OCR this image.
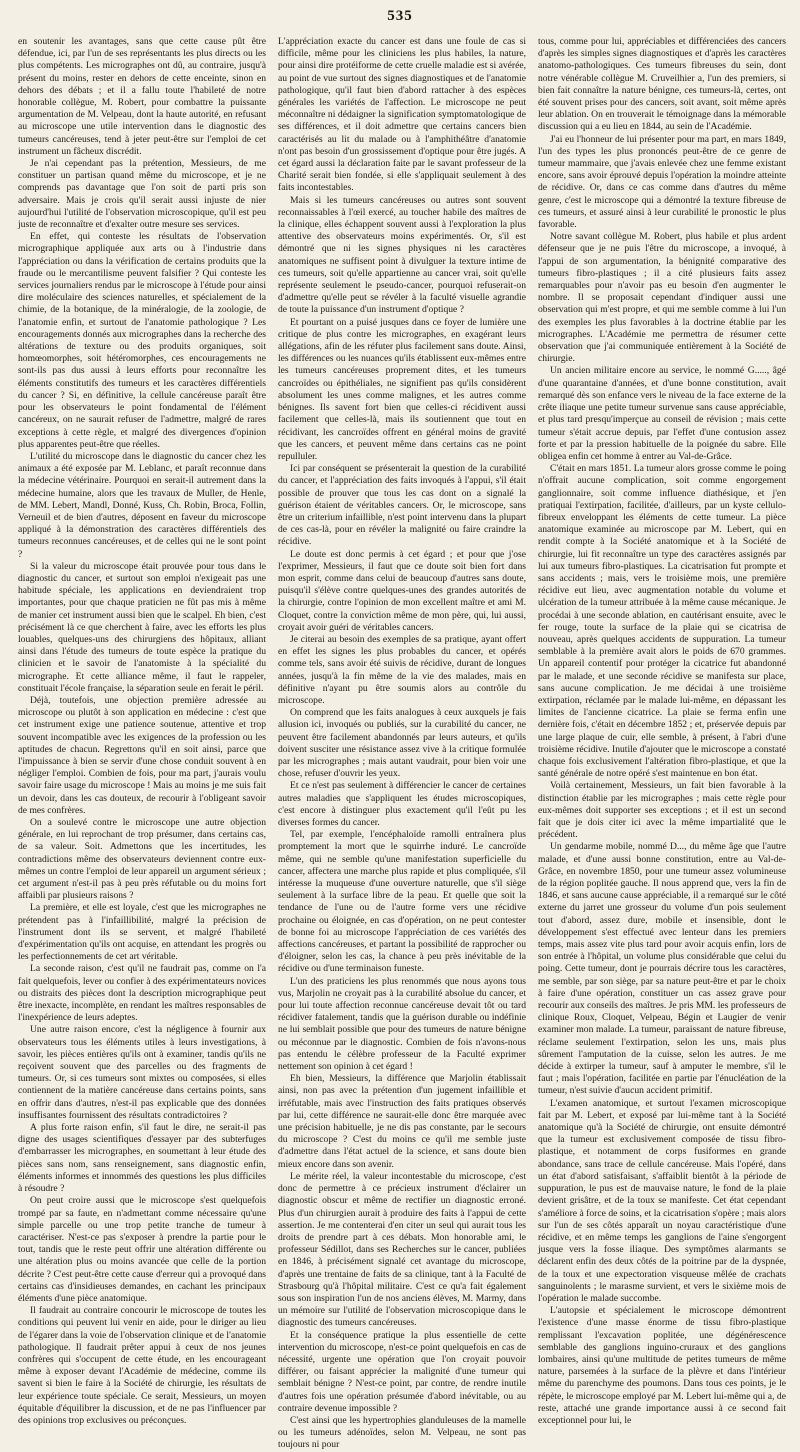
535

en soutenir les avantages, sans que cette cause pût être défendue, ici, par l'un de ses représentants les plus directs ou les plus compétents. Les micrographes ont dû, au contraire, jusqu'à présent du moins, rester en dehors de cette enceinte, sinon en dehors des débats ; et il a fallu toute l'habileté de notre honorable collègue, M. Robert, pour combattre la puissante argumentation de M. Velpeau, dont la haute autorité, en refusant au microscope une utile intervention dans le diagnostic des tumeurs cancéreuses, tend à jeter peut-être sur l'emploi de cet instrument un fâcheux discrédit.

Je n'ai cependant pas la prétention, Messieurs, de me constituer un partisan quand même du microscope, et je ne comprends pas davantage que l'on soit de parti pris son adversaire. Mais je crois qu'il serait aussi injuste de nier aujourd'hui l'utilité de l'observation microscopique, qu'il est peu juste de reconnaître et d'exalter outre mesure ses services.

En effet, qui conteste les résultats de l'observation micrographique appliquée aux arts ou à l'industrie dans l'appréciation ou dans la vérification de certains produits que la fraude ou le mercantilisme peuvent falsifier ? Qui conteste les services journaliers rendus par le microscope à l'étude pour ainsi dire moléculaire des sciences naturelles, et spécialement de la chimie, de la botanique, de la minéralogie, de la zoologie, de l'anatomie enfin, et surtout de l'anatomie pathologique ? Les encouragements donnés aux micrographes dans la recherche des altérations de texture ou des produits organiques, soit homœomorphes, soit hétéromorphes, ces encouragements ne sont-ils pas dus aussi à leurs efforts pour reconnaître les éléments constitutifs des tumeurs et les caractères différentiels du cancer ? Si, en définitive, la cellule cancéreuse paraît être pour les observateurs le point fondamental de l'élément cancéreux, on ne saurait refuser de l'admettre, malgré de rares exceptions à cette règle, et malgré des divergences d'opinion plus apparentes peut-être que réelles.

L'utilité du microscope dans le diagnostic du cancer chez les animaux a été exposée par M. Leblanc, et paraît reconnue dans la médecine vétérinaire. Pourquoi en serait-il autrement dans la médecine humaine, alors que les travaux de Muller, de Henle, de MM. Lebert, Mandl, Donné, Kuss, Ch. Robin, Broca, Follin, Verneuil et de bien d'autres, déposent en faveur du microscope appliqué à la démonstration des caractères différentiels des tumeurs reconnues cancéreuses, et de celles qui ne le sont point ?

Si la valeur du microscope était prouvée pour tous dans le diagnostic du cancer, et surtout son emploi n'exigeait pas une habitude spéciale, les applications en deviendraient trop importantes, pour que chaque praticien ne fût pas mis à même de manier cet instrument aussi bien que le scalpel. Eh bien, c'est précisément là ce que cherchent à faire, avec les efforts les plus louables, quelques-uns des chirurgiens des hôpitaux, alliant ainsi dans l'étude des tumeurs de toute espèce la pratique du clinicien et le savoir de l'anatomiste à la spécialité du micrographe. Et cette alliance même, il faut le rappeler, constituait l'école française, la séparation seule en ferait le péril.

Déjà, toutefois, une objection première adressée au microscope ou plutôt à son application en médecine : c'est que cet instrument exige une patience soutenue, attentive et trop souvent incompatible avec les exigences de la profession ou les aptitudes de chacun. Regrettons qu'il en soit ainsi, parce que l'impuissance à bien se servir d'une chose conduit souvent à en négliger l'emploi. Combien de fois, pour ma part, j'aurais voulu savoir faire usage du microscope ! Mais au moins je me suis fait un devoir, dans les cas douteux, de recourir à l'obligeant savoir de mes confrères.

On a soulevé contre le microscope une autre objection générale, en lui reprochant de trop présumer, dans certains cas, de sa valeur. Soit. Admettons que les incertitudes, les contradictions même des observateurs deviennent contre eux-mêmes un contre l'emploi de leur appareil un argument sérieux ; cet argument n'est-il pas à peu près réfutable ou du moins fort affaibli par plusieurs raisons ?

La première, et elle est loyale, c'est que les micrographes ne prétendent pas à l'infaillibilité, malgré la précision de l'instrument dont ils se servent, et malgré l'habileté d'expérimentation qu'ils ont acquise, en attendant les progrès ou les perfectionnements de cet art véritable.

La seconde raison, c'est qu'il ne faudrait pas, comme on l'a fait quelquefois, lever ou confier à des expérimentateurs novices ou distraits des pièces dont la description micrographique peut être inexacte, incomplète, en rendant les maîtres responsables de l'inexpérience de leurs adeptes.

Une autre raison encore, c'est la négligence à fournir aux observateurs tous les éléments utiles à leurs investigations, à savoir, les pièces entières qu'ils ont à examiner, tandis qu'ils ne reçoivent souvent que des parcelles ou des fragments de tumeurs. Or, si ces tumeurs sont mixtes ou composées, si elles contiennent de la matière cancéreuse dans certains points, sans en offrir dans d'autres, n'est-il pas explicable que des données insuffisantes fournissent des résultats contradictoires ?

A plus forte raison enfin, s'il faut le dire, ne serait-il pas digne des usages scientifiques d'essayer par des subterfuges d'embarrasser les micrographes, en soumettant à leur étude des pièces sans nom, sans renseignement, sans diagnostic enfin, éléments informes et innommés des questions les plus difficiles à résoudre ?

On peut croire aussi que le microscope s'est quelquefois trompé par sa faute, en n'admettant comme nécessaire qu'une simple parcelle ou une trop petite tranche de tumeur à caractériser. N'est-ce pas s'exposer à prendre la partie pour le tout, tandis que le reste peut offrir une altération différente ou une altération plus ou moins avancée que celle de la portion décrite ? C'est peut-être cette cause d'erreur qui a provoqué dans certains cas d'insidieuses demandes, en cachant les principaux éléments d'une pièce anatomique.

Il faudrait au contraire concourir le microscope de toutes les conditions qui peuvent lui venir en aide, pour le diriger au lieu de l'égarer dans la voie de l'observation clinique et de l'anatomie pathologique. Il faudrait prêter appui à ceux de nos jeunes confrères qui s'occupent de cette étude, en les encourageant même à exposer devant l'Académie de médecine, comme ils savent si bien le faire à la Société de chirurgie, les résultats de leur expérience toute spéciale. Ce serait, Messieurs, un moyen équitable d'équilibrer la discussion, et de ne pas l'influencer par des opinions trop exclusives ou préconçues.

L'appréciation exacte du cancer est dans une foule de cas si difficile, même pour les cliniciens les plus habiles, la nature, pour ainsi dire protéiforme de cette cruelle maladie est si avérée, au point de vue surtout des signes diagnostiques et de l'anatomie pathologique, qu'il faut bien d'abord rattacher à des espèces générales les variétés de l'affection. Le microscope ne peut méconnaître ni dédaigner la signification symptomatologique de ses différences, et il doit admettre que certains cancers bien caractérisés au lit du malade ou à l'amphithéâtre d'anatomie n'ont pas besoin d'un grossissement d'optique pour être jugés. A cet égard aussi la déclaration faite par le savant professeur de la Charité serait bien fondée, si elle s'appliquait seulement à des faits incontestables.

Mais si les tumeurs cancéreuses ou autres sont souvent reconnaissables à l'œil exercé, au toucher habile des maîtres de la clinique, elles échappent souvent aussi à l'exploration la plus attentive des observateurs moins expérimentés. Or, s'il est démontré que ni les signes physiques ni les caractères anatomiques ne suffisent point à divulguer la texture intime de ces tumeurs, soit qu'elle appartienne au cancer vrai, soit qu'elle représente seulement le pseudo-cancer, pourquoi refuserait-on d'admettre qu'elle peut se révéler à la faculté visuelle agrandie de toute la puissance d'un instrument d'optique ?

Et pourtant on a puisé jusques dans ce foyer de lumière une critique de plus contre les micrographes, en exagérant leurs allégations, afin de les réfuter plus facilement sans doute. Ainsi, les différences ou les nuances qu'ils établissent eux-mêmes entre les tumeurs cancéreuses proprement dites, et les tumeurs cancroïdes ou épithéliales, ne signifient pas qu'ils considèrent absolument les unes comme malignes, et les autres comme bénignes. Ils savent fort bien que celles-ci récidivent aussi facilement que celles-là, mais ils soutiennent que tout en récidivant, les cancroïdes offrent en général moins de gravité que les cancers, et peuvent même dans certains cas ne point repulluler.

Ici par conséquent se présenterait la question de la curabilité du cancer, et l'appréciation des faits invoqués à l'appui, s'il était possible de prouver que tous les cas dont on a signalé la guérison étaient de véritables cancers. Or, le microscope, sans être un criterium infaillible, n'est point intervenu dans la plupart de ces cas-là, pour en révéler la malignité ou faire craindre la récidive.

Le doute est donc permis à cet égard ; et pour que j'ose l'exprimer, Messieurs, il faut que ce doute soit bien fort dans mon esprit, comme dans celui de beaucoup d'autres sans doute, puisqu'il s'élève contre quelques-unes des grandes autorités de la chirurgie, contre l'opinion de mon excellent maître et ami M. Cloquet, contre la conviction même de mon père, qui, lui aussi, croyait avoir guéri de véritables cancers.

Je citerai au besoin des exemples de sa pratique, ayant offert en effet les signes les plus probables du cancer, et opérés comme tels, sans avoir été suivis de récidive, durant de longues années, jusqu'à la fin même de la vie des malades, mais en définitive n'ayant pu être soumis alors au contrôle du microscope.

On comprend que les faits analogues à ceux auxquels je fais allusion ici, invoqués ou publiés, sur la curabilité du cancer, ne peuvent être facilement abandonnés par leurs auteurs, et qu'ils doivent susciter une résistance assez vive à la critique formulée par les micrographes ; mais autant vaudrait, pour bien voir une chose, refuser d'ouvrir les yeux.

Et ce n'est pas seulement à différencier le cancer de certaines autres maladies que s'appliquent les études microscopiques, c'est encore à distinguer plus exactement qu'il l'eût pu les diverses formes du cancer.

Tel, par exemple, l'encéphaloïde ramolli entraînera plus promptement la mort que le squirrhe induré. Le cancroïde même, qui ne semble qu'une manifestation superficielle du cancer, affectera une marche plus rapide et plus compliquée, s'il intéresse la muqueuse d'une ouverture naturelle, que s'il siège seulement à la surface libre de la peau. Et quelle que soit la tendance de l'une ou de l'autre forme vers une récidive prochaine ou éloignée, en cas d'opération, on ne peut contester de bonne foi au microscope l'appréciation de ces variétés des affections cancéreuses, et partant la possibilité de rapprocher ou d'éloigner, selon les cas, la chance à peu près inévitable de la récidive ou d'une terminaison funeste.

L'un des praticiens les plus renommés que nous ayons tous vus, Marjolin ne croyait pas à la curabilité absolue du cancer, et pour lui toute affection reconnue cancéreuse devait tôt ou tard récidiver fatalement, tandis que la guérison durable ou indéfinie ne lui semblait possible que pour des tumeurs de nature bénigne ou méconnue par le diagnostic. Combien de fois n'avons-nous pas entendu le célèbre professeur de la Faculté exprimer nettement son opinion à cet égard !

Eh bien, Messieurs, la différence que Marjolin établissait ainsi, non pas avec la prétention d'un jugement infaillible et irréfutable, mais avec l'instruction des faits pratiques observés par lui, cette différence ne saurait-elle donc être marquée avec une précision habituelle, je ne dis pas constante, par le secours du microscope ? C'est du moins ce qu'il me semble juste d'admettre dans l'état actuel de la science, et sans doute bien mieux encore dans son avenir.

Le mérite réel, la valeur incontestable du microscope, c'est donc de permettre à ce précieux instrument d'éclairer un diagnostic obscur et même de rectifier un diagnostic erroné. Plus d'un chirurgien aurait à produire des faits à l'appui de cette assertion. Je me contenterai d'en citer un seul qui aurait tous les droits de prendre part à ces débats. Mon honorable ami, le professeur Sédillot, dans ses Recherches sur le cancer, publiées en 1846, à précisément signalé cet avantage du microscope, d'après une trentaine de faits de sa clinique, tant à la Faculté de Strasbourg qu'à l'hôpital militaire. C'est ce qu'a fait également sous son inspiration l'un de nos anciens élèves, M. Marmy, dans un mémoire sur l'utilité de l'observation microscopique dans le diagnostic des tumeurs cancéreuses.

Et la conséquence pratique la plus essentielle de cette intervention du microscope, n'est-ce point quelquefois en cas de nécessité, urgente une opération que l'on croyait pouvoir différer, ou faisant apprécier la malignité d'une tumeur qui semblait bénigne ? N'est-ce point, par contre, de rendre inutile d'autres fois une opération présumée d'abord inévitable, ou au contraire devenue impossible ?

C'est ainsi que les hypertrophies glanduleuses de la mamelle ou les tumeurs adénoïdes, selon M. Velpeau, ne sont pas toujours ni pour

tous, comme pour lui, appréciables et différenciées des cancers d'après les simples signes diagnostiques et d'après les caractères anatomo-pathologiques. Ces tumeurs fibreuses du sein, dont notre vénérable collègue M. Cruveilhier a, l'un des premiers, si bien fait connaître la nature bénigne, ces tumeurs-là, certes, ont été souvent prises pour des cancers, soit avant, soit même après leur ablation. On en trouverait le témoignage dans la mémorable discussion qui a eu lieu en 1844, au sein de l'Académie.

J'ai eu l'honneur de lui présenter pour ma part, en mars 1849, l'un des types les plus prononcés peut-être de ce genre de tumeur mammaire, que j'avais enlevée chez une femme existant encore, sans avoir éprouvé depuis l'opération la moindre atteinte de récidive. Or, dans ce cas comme dans d'autres du même genre, c'est le microscope qui a démontré la texture fibreuse de ces tumeurs, et assuré ainsi à leur curabilité le pronostic le plus favorable.

Notre savant collègue M. Robert, plus habile et plus ardent défenseur que je ne puis l'être du microscope, a invoqué, à l'appui de son argumentation, la bénignité comparative des tumeurs fibro-plastiques ; il a cité plusieurs faits assez remarquables pour n'avoir pas eu besoin d'en augmenter le nombre. Il se proposait cependant d'indiquer aussi une observation qui m'est propre, et qui me semble comme à lui l'un des exemples les plus favorables à la doctrine établie par les micrographes. L'Académie me permettra de résumer cette observation que j'ai communiquée entièrement à la Société de chirurgie.

Un ancien militaire encore au service, le nommé G....., âgé d'une quarantaine d'années, et d'une bonne constitution, avait remarqué dès son enfance vers le niveau de la face externe de la crête iliaque une petite tumeur survenue sans cause appréciable, et plus tard presqu'imperçue au conseil de révision ; mais cette tumeur s'était accrue depuis, par l'effet d'une contusion assez forte et par la pression habituelle de la poignée du sabre. Elle obligea enfin cet homme à entrer au Val-de-Grâce.

C'était en mars 1851. La tumeur alors grosse comme le poing n'offrait aucune complication, soit comme engorgement ganglionnaire, soit comme influence diathésique, et j'en pratiquai l'extirpation, facilitée, d'ailleurs, par un kyste cellulo-fibreux enveloppant les éléments de cette tumeur. La pièce anatomique examinée au microscope par M. Lebert, qui en rendit compte à la Société anatomique et à la Société de chirurgie, lui fit reconnaître un type des caractères assignés par lui aux tumeurs fibro-plastiques. La cicatrisation fut prompte et sans accidents ; mais, vers le troisième mois, une première récidive eut lieu, avec augmentation notable du volume et ulcération de la tumeur attribuée à la même cause mécanique. Je procédai à une seconde ablation, en cautérisant ensuite, avec le fer rouge, toute la surface de la plaie qui se cicatrisa de nouveau, après quelques accidents de suppuration. La tumeur semblable à la première avait alors le poids de 670 grammes. Un appareil contentif pour protéger la cicatrice fut abandonné par le malade, et une seconde récidive se manifesta sur place, sans aucune complication. Je me décidai à une troisième extirpation, réclamée par le malade lui-même, en dépassant les limites de l'ancienne cicatrice. La plaie se ferma enfin une dernière fois, c'était en décembre 1852 ; et, préservée depuis par une large plaque de cuir, elle semble, à présent, à l'abri d'une troisième récidive. Inutile d'ajouter que le microscope a constaté chaque fois exclusivement l'altération fibro-plastique, et que la santé générale de notre opéré s'est maintenue en bon état.

Voilà certainement, Messieurs, un fait bien favorable à la distinction établie par les micrographes ; mais cette règle pour eux-mêmes doit supporter ses exceptions ; et il est un second fait que je dois citer ici avec la même impartialité que le précédent.

Un gendarme mobile, nommé D..., du même âge que l'autre malade, et d'une aussi bonne constitution, entre au Val-de-Grâce, en novembre 1850, pour une tumeur assez volumineuse de la région poplitée gauche. Il nous apprend que, vers la fin de 1846, et sans aucune cause appréciable, il a remarqué sur le côté externe du jarret une grosseur du volume d'un pois seulement tout d'abord, assez dure, mobile et insensible, dont le développement s'est effectué avec lenteur dans les premiers temps, mais assez vite plus tard pour avoir acquis enfin, lors de son entrée à l'hôpital, un volume plus considérable que celui du poing. Cette tumeur, dont je pourrais décrire tous les caractères, me semble, par son siège, par sa nature peut-être et par le choix à faire d'une opération, constituer un cas assez grave pour recourir aux conseils des maîtres. Je pris MM. les professeurs de clinique Roux, Cloquet, Velpeau, Bégin et Laugier de venir examiner mon malade. La tumeur, paraissant de nature fibreuse, réclame seulement l'extirpation, selon les uns, mais plus sûrement l'amputation de la cuisse, selon les autres. Je me décide à extirper la tumeur, sauf à amputer le membre, s'il le faut ; mais l'opération, facilitée en partie par l'énucléation de la tumeur, n'est suivie d'aucun accident primitif.

L'examen anatomique, et surtout l'examen microscopique fait par M. Lebert, et exposé par lui-même tant à la Société anatomique qu'à la Société de chirurgie, ont ensuite démontré que la tumeur est exclusivement composée de tissu fibro-plastique, et notamment de corps fusiformes en grande abondance, sans trace de cellule cancéreuse. Mais l'opéré, dans un état d'abord satisfaisant, s'affaiblit bientôt à la période de suppuration, le pus est de mauvaise nature, le fond de la plaie devient grisâtre, et de la toux se manifeste. Cet état cependant s'améliore à force de soins, et la cicatrisation s'opère ; mais alors sur l'un de ses côtés apparaît un noyau caractéristique d'une récidive, et en même temps les ganglions de l'aine s'engorgent jusque vers la fosse iliaque. Des symptômes alarmants se déclarent enfin des deux côtés de la poitrine par de la dyspnée, de la toux et une expectoration visqueuse mêlée de crachats sanguinolents ; le marasme survient, et vers le sixième mois de l'opération le malade succombe.

L'autopsie et spécialement le microscope démontrent l'existence d'une masse énorme de tissu fibro-plastique remplissant l'excavation poplitée, une dégénérescence semblable des ganglions inguino-cruraux et des ganglions lombaires, ainsi qu'une multitude de petites tumeurs de même nature, parsemées à la surface de la plèvre et dans l'intérieur même du parenchyme des poumons. Dans tous ces points, je le répète, le microscope employé par M. Lebert lui-même qui a, de reste, attaché une grande importance aussi à ce second fait exceptionnel pour lui, le
